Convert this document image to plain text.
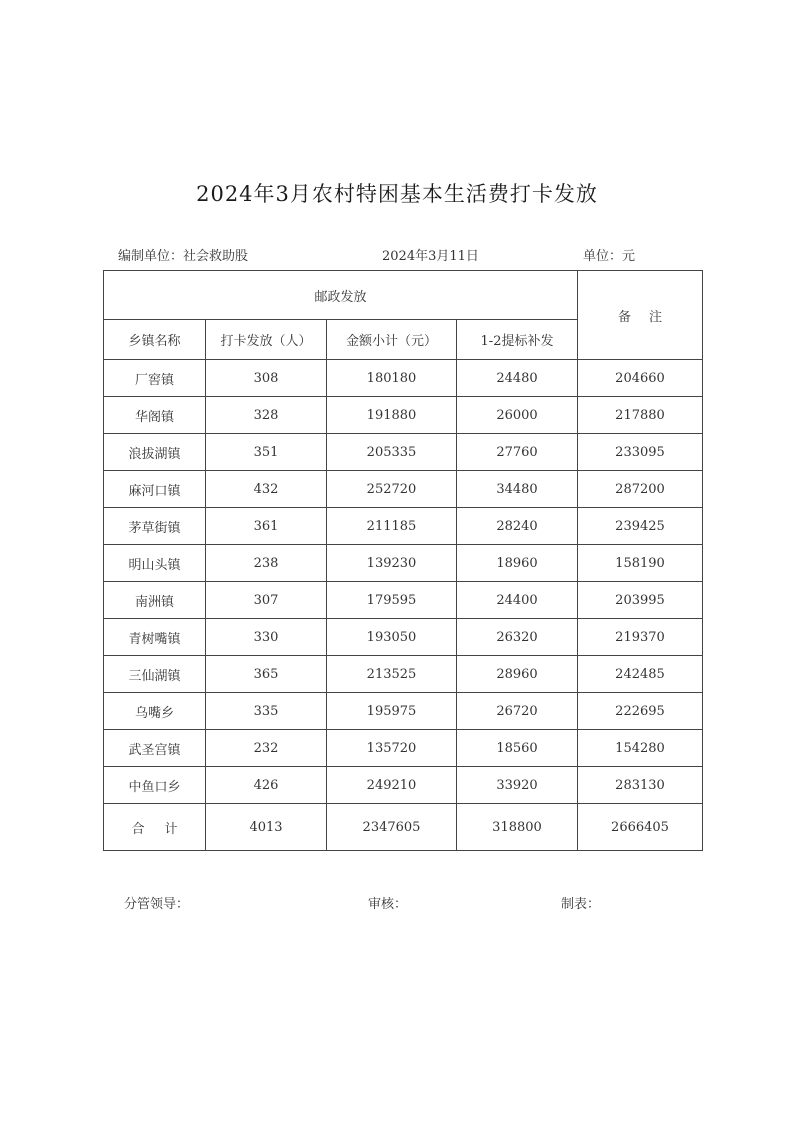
2024年3月农村特困基本生活费打卡发放
编制单位：社会救助股	2024年3月11日	单位：元
邮政发放				备注
乡镇名称	打卡发放（人）	金额小计（元）	1-2提标补发	
厂窖镇	308	180180	24480	204660
华阁镇	328	191880	26000	217880
浪拔湖镇	351	205335	27760	233095
麻河口镇	432	252720	34480	287200
茅草街镇	361	211185	28240	239425
明山头镇	238	139230	18960	158190
南洲镇	307	179595	24400	203995
青树嘴镇	330	193050	26320	219370
三仙湖镇	365	213525	28960	242485
乌嘴乡	335	195975	26720	222695
武圣宫镇	232	135720	18560	154280
中鱼口乡	426	249210	33920	283130
合计	4013	2347605	318800	2666405
分管领导：	审核：	制表：
